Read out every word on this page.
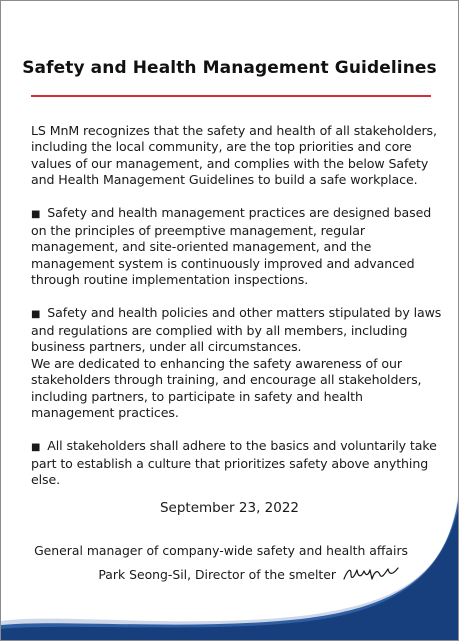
Safety and Health Management Guidelines

LS MnM recognizes that the safety and health of all stakeholders, including the local community, are the top priorities and core values of our management, and complies with the below Safety and Health Management Guidelines to build a safe workplace.

■ Safety and health management practices are designed based on the principles of preemptive management, regular management, and site-oriented management, and the management system is continuously improved and advanced through routine implementation inspections.

■ Safety and health policies and other matters stipulated by laws and regulations are complied with by all members, including business partners, under all circumstances.

We are dedicated to enhancing the safety awareness of our stakeholders through training, and encourage all stakeholders, including partners, to participate in safety and health management practices.

■ All stakeholders shall adhere to the basics and voluntarily take part to establish a culture that prioritizes safety above anything else.

September 23, 2022
General manager of company-wide safety and health affairs
Park Seong-Sil, Director of the smelter
